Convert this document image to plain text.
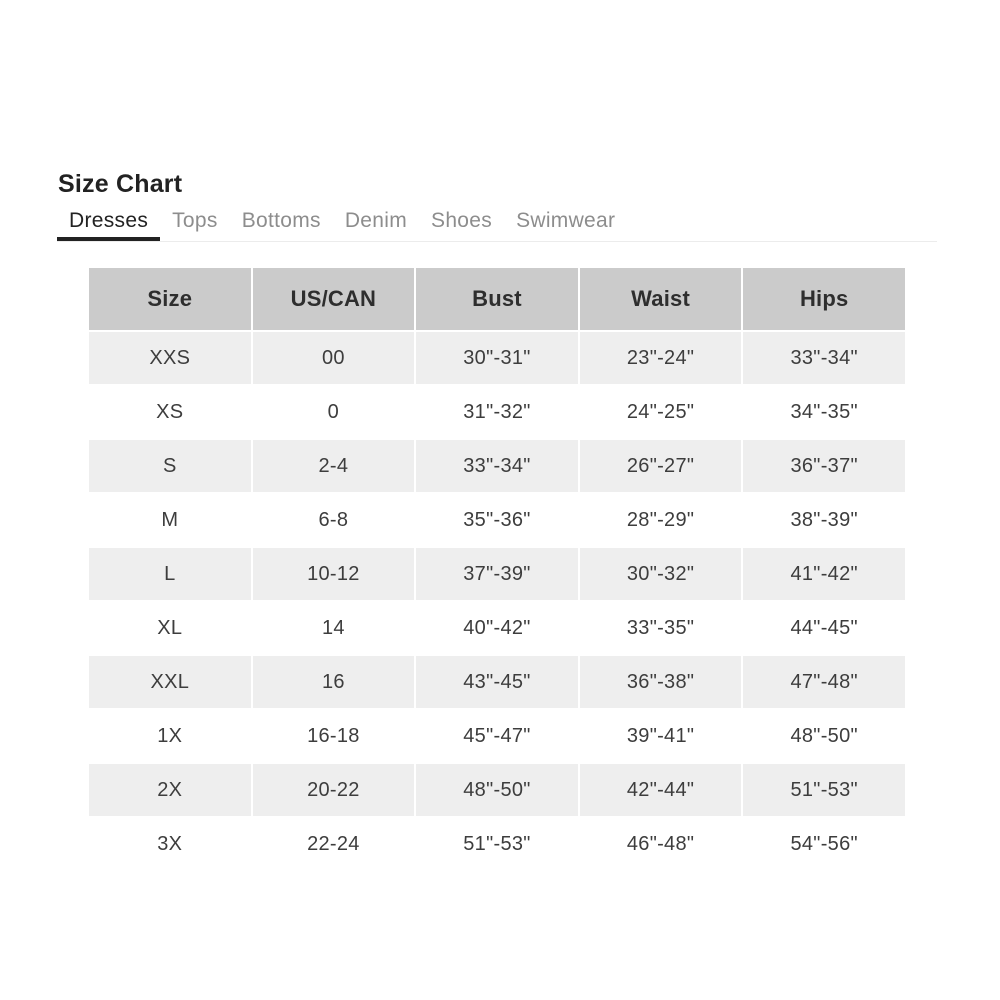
Size Chart
Dresses Tops Bottoms Denim Shoes Swimwear
Size	US/CAN	Bust	Waist	Hips
XXS	00	30"-31"	23"-24"	33"-34"
XS	0	31"-32"	24"-25"	34"-35"
S	2-4	33"-34"	26"-27"	36"-37"
M	6-8	35"-36"	28"-29"	38"-39"
L	10-12	37"-39"	30"-32"	41"-42"
XL	14	40"-42"	33"-35"	44"-45"
XXL	16	43"-45"	36"-38"	47"-48"
1X	16-18	45"-47"	39"-41"	48"-50"
2X	20-22	48"-50"	42"-44"	51"-53"
3X	22-24	51"-53"	46"-48"	54"-56"
